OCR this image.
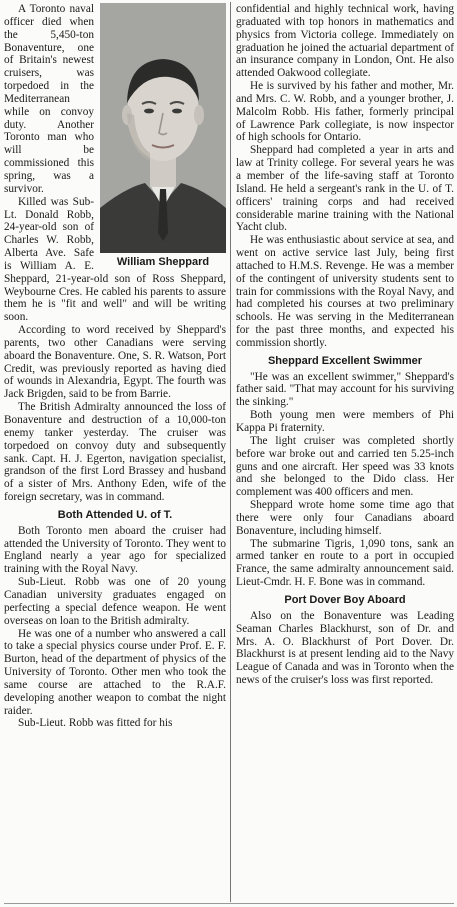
William Sheppard

A Toronto naval officer died when the 5,450-ton Bonaventure, one of Britain's newest cruisers, was torpedoed in the Mediterranean while on convoy duty. Another Toronto man who will be commissioned this spring, was a survivor.

Killed was Sub-Lt. Donald Robb, 24-year-old son of Charles W. Robb, Alberta Ave. Safe is William A. E. Sheppard, 21-year-old son of Ross Sheppard, Weybourne Cres. He cabled his parents to assure them he is "fit and well" and will be writing soon.

According to word received by Sheppard's parents, two other Canadians were serving aboard the Bonaventure. One, S. R. Watson, Port Credit, was previously reported as having died of wounds in Alexandria, Egypt. The fourth was Jack Brigden, said to be from Barrie.

The British Admiralty announced the loss of Bonaventure and destruction of a 10,000-ton enemy tanker yesterday. The cruiser was torpedoed on convoy duty and subsequently sank. Capt. H. J. Egerton, navigation specialist, grandson of the first Lord Brassey and husband of a sister of Mrs. Anthony Eden, wife of the foreign secretary, was in command.

Both Attended U. of T.

Both Toronto men aboard the cruiser had attended the University of Toronto. They went to England nearly a year ago for specialized training with the Royal Navy.

Sub-Lieut. Robb was one of 20 young Canadian university graduates engaged on perfecting a special defence weapon. He went overseas on loan to the British admiralty.

He was one of a number who answered a call to take a special physics course under Prof. E. F. Burton, head of the department of physics of the University of Toronto. Other men who took the same course are attached to the R.A.F. developing another weapon to combat the night raider.

Sub-Lieut. Robb was fitted for his

confidential and highly technical work, having graduated with top honors in mathematics and physics from Victoria college. Immediately on graduation he joined the actuarial department of an insurance company in London, Ont. He also attended Oakwood collegiate.

He is survived by his father and mother, Mr. and Mrs. C. W. Robb, and a younger brother, J. Malcolm Robb. His father, formerly principal of Lawrence Park collegiate, is now inspector of high schools for Ontario.

Sheppard had completed a year in arts and law at Trinity college. For several years he was a member of the life-saving staff at Toronto Island. He held a sergeant's rank in the U. of T. officers' training corps and had received considerable marine training with the National Yacht club.

He was enthusiastic about service at sea, and went on active service last July, being first attached to H.M.S. Revenge. He was a member of the contingent of university students sent to train for commissions with the Royal Navy, and had completed his courses at two preliminary schools. He was serving in the Mediterranean for the past three months, and expected his commission shortly.

Sheppard Excellent Swimmer

"He was an excellent swimmer," Sheppard's father said. "That may account for his surviving the sinking."

Both young men were members of Phi Kappa Pi fraternity.

The light cruiser was completed shortly before war broke out and carried ten 5.25-inch guns and one aircraft. Her speed was 33 knots and she belonged to the Dido class. Her complement was 400 officers and men.

Sheppard wrote home some time ago that there were only four Canadians aboard Bonaventure, including himself.

The submarine Tigris, 1,090 tons, sank an armed tanker en route to a port in occupied France, the same admiralty announcement said. Lieut-Cmdr. H. F. Bone was in command.

Port Dover Boy Aboard

Also on the Bonaventure was Leading Seaman Charles Blackhurst, son of Dr. and Mrs. A. O. Blackhurst of Port Dover. Dr. Blackhurst is at present lending aid to the Navy League of Canada and was in Toronto when the news of the cruiser's loss was first reported.
